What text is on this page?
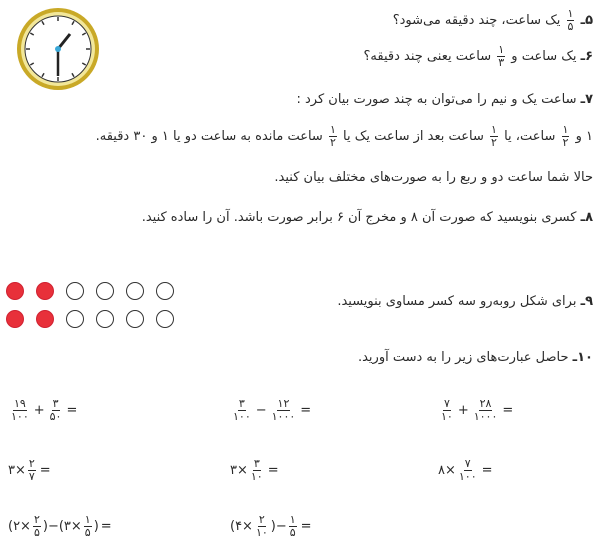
۵ـ
$\frac{۱}{۵}$
یک ساعت، چند دقیقه می‌شود؟
۶ـ یک ساعت و
$\frac{۱}{۳}$
ساعت یعنی چند دقیقه؟
۷ـ ساعت یک و نیم را می‌توان به چند صورت بیان کرد :
۱ و
$\frac{۱}{۲}$
ساعت، یا
$\frac{۱}{۲}$
ساعت بعد از ساعت یک یا
$\frac{۱}{۲}$
ساعت مانده به ساعت دو یا ۱ و ۳۰ دقیقه.
حالا شما ساعت دو و ربع را به صورت‌های مختلف بیان کنید.
۸ـ کسری بنویسید که صورت آن ۸ و مخرج آن ۶ برابر صورت باشد. آن را ساده کنید.
۹ـ برای شکل روبه‌رو سه کسر مساوی بنویسید.
۱۰ـ حاصل عبارت‌های زیر را به دست آورید.
$\frac{۱۹}{۱۰۰} + \frac{۳}{۵۰}$ =	$\frac{۳}{۱۰۰} - \frac{۱۲}{۱۰۰۰}$ =	$\frac{۷}{۱۰} + \frac{۲۸}{۱۰۰۰}$ =
۳× $\frac{۲}{۷}$ =	۳× $\frac{۳}{۱۰}$ =	۸× $\frac{۷}{۱۰۰}$ =
(۲× $\frac{۲}{۵}$ )−(۳× $\frac{۱}{۵}$ ) =	(۴× $\frac{۲}{۱۰}$ )− $\frac{۱}{۵}$ =
